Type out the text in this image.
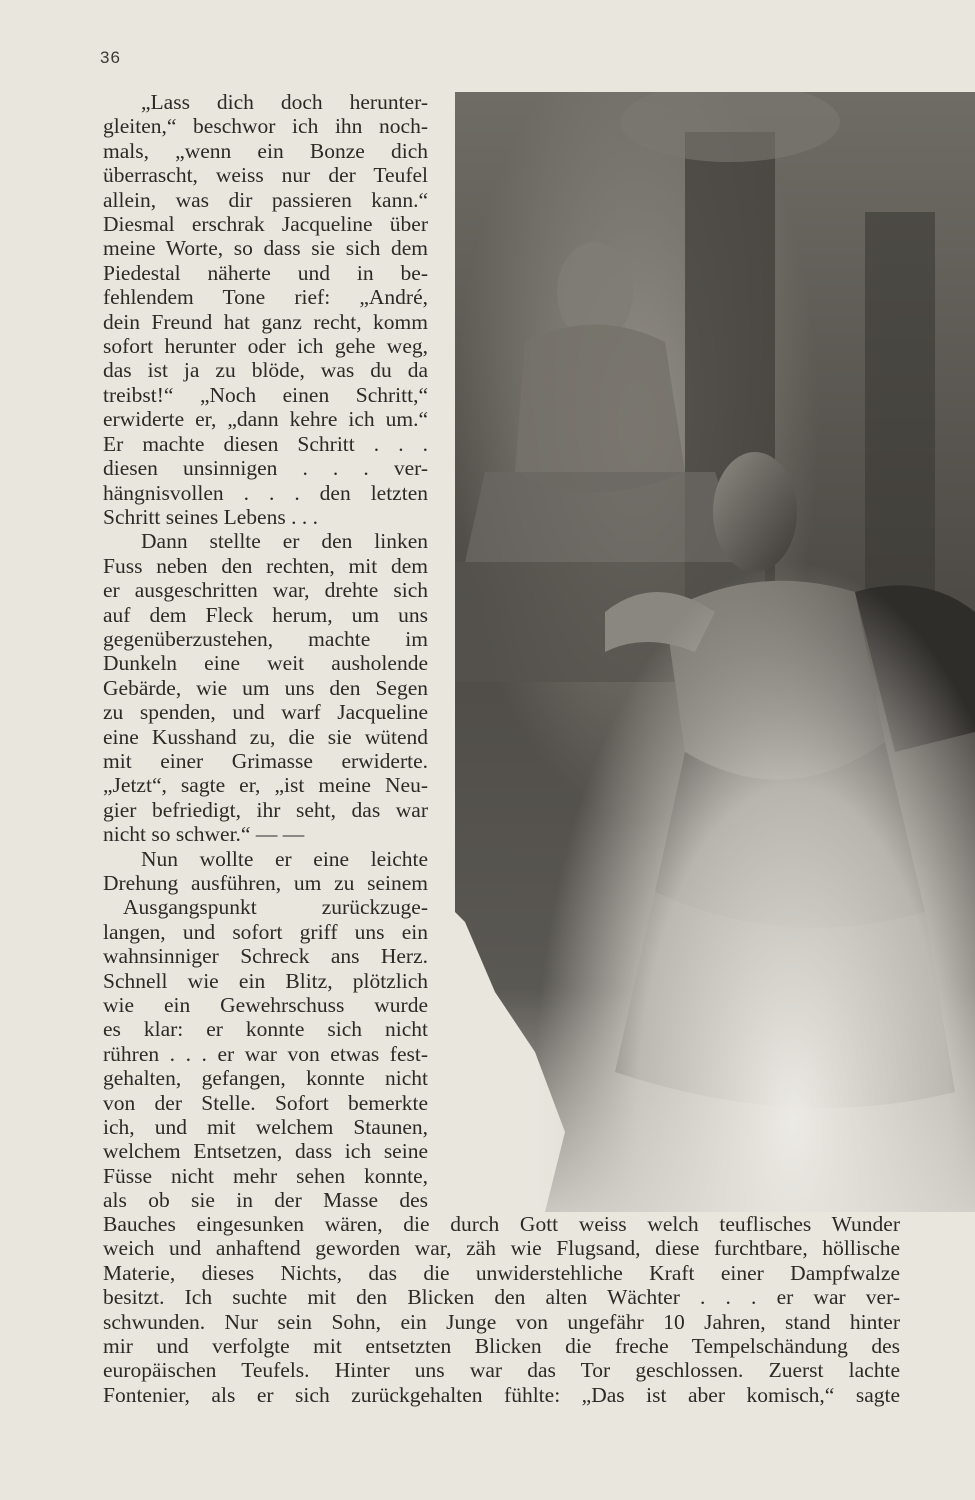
36
„Lass dich doch herunter-
gleiten,“ beschwor ich ihn noch-
mals, „wenn ein Bonze dich
überrascht, weiss nur der Teufel
allein, was dir passieren kann.“
Diesmal erschrak Jacqueline über
meine Worte, so dass sie sich dem
Piedestal näherte und in be-
fehlendem Tone rief: „André,
dein Freund hat ganz recht, komm
sofort herunter oder ich gehe weg,
das ist ja zu blöde, was du da
treibst!“ „Noch einen Schritt,“
erwiderte er, „dann kehre ich um.“
Er machte diesen Schritt . . .
diesen unsinnigen . . . ver-
hängnisvollen . . . den letzten
Schritt seines Lebens . . .
Dann stellte er den linken
Fuss neben den rechten, mit dem
er ausgeschritten war, drehte sich
auf dem Fleck herum, um uns
gegenüberzustehen, machte im
Dunkeln eine weit ausholende
Gebärde, wie um uns den Segen
zu spenden, und warf Jacqueline
eine Kusshand zu, die sie wütend
mit einer Grimasse erwiderte.
„Jetzt“, sagte er, „ist meine Neu-
gier befriedigt, ihr seht, das war
nicht so schwer.“ — —
Nun wollte er eine leichte
Drehung ausführen, um zu seinem
Ausgangspunkt zurückzuge-
langen, und sofort griff uns ein
wahnsinniger Schreck ans Herz.
Schnell wie ein Blitz, plötzlich
wie ein Gewehrschuss wurde
es klar: er konnte sich nicht
rühren . . . er war von etwas fest-
gehalten, gefangen, konnte nicht
von der Stelle. Sofort bemerkte
ich, und mit welchem Staunen,
welchem Entsetzen, dass ich seine
Füsse nicht mehr sehen konnte,
als ob sie in der Masse des
Bauches eingesunken wären, die durch Gott weiss welch teuflisches Wunder
weich und anhaftend geworden war, zäh wie Flugsand, diese furchtbare, höllische
Materie, dieses Nichts, das die unwiderstehliche Kraft einer Dampfwalze
besitzt. Ich suchte mit den Blicken den alten Wächter . . . er war ver-
schwunden. Nur sein Sohn, ein Junge von ungefähr 10 Jahren, stand hinter
mir und verfolgte mit entsetzten Blicken die freche Tempelschändung des
europäischen Teufels. Hinter uns war das Tor geschlossen. Zuerst lachte
Fontenier, als er sich zurückgehalten fühlte: „Das ist aber komisch,“ sagte
